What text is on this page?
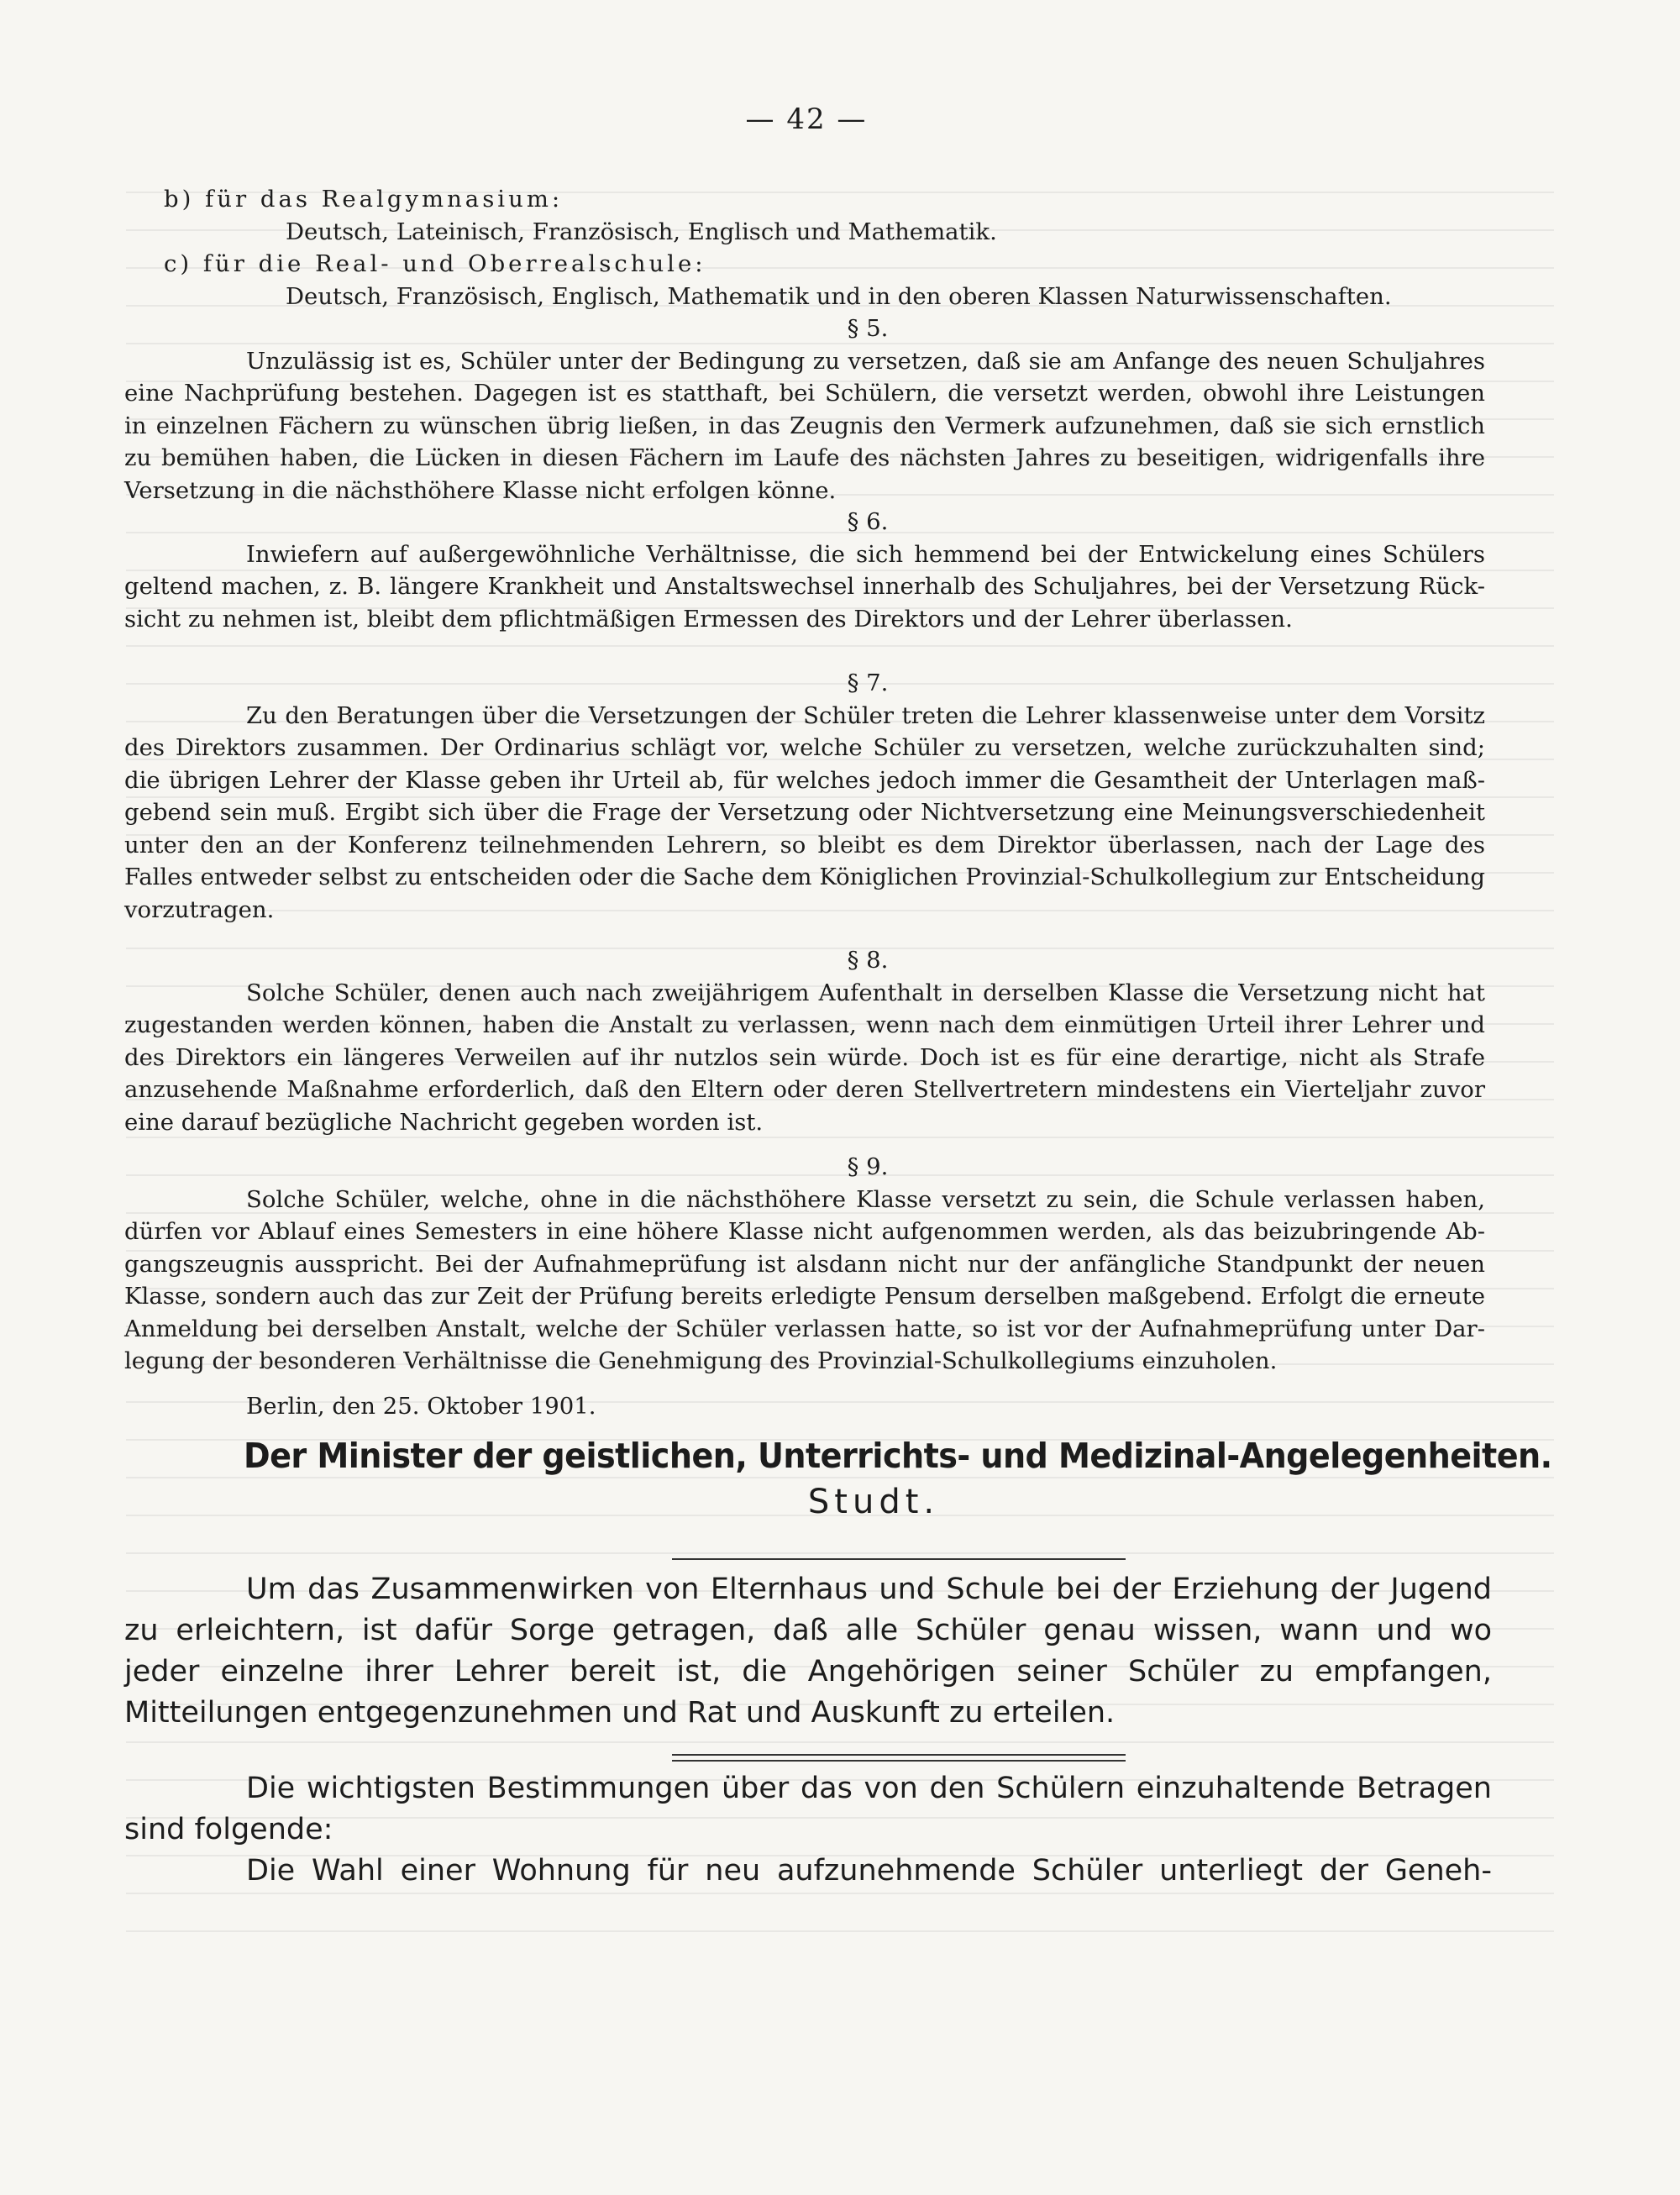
— 42 —
b) für das Realgymnasium:
Deutsch, Lateinisch, Französisch, Englisch und Mathematik.
c) für die Real- und Oberrealschule:
Deutsch, Französisch, Englisch, Mathematik und in den oberen Klassen Naturwissenschaften.
§ 5.
Unzulässig ist es, Schüler unter der Bedingung zu versetzen, daß sie am Anfange des neuen Schuljahres
eine Nachprüfung bestehen. Dagegen ist es statthaft, bei Schülern, die versetzt werden, obwohl ihre Leistungen
in einzelnen Fächern zu wünschen übrig ließen, in das Zeugnis den Vermerk aufzunehmen, daß sie sich ernstlich
zu bemühen haben, die Lücken in diesen Fächern im Laufe des nächsten Jahres zu beseitigen, widrigenfalls ihre
Versetzung in die nächsthöhere Klasse nicht erfolgen könne.
§ 6.
Inwiefern auf außergewöhnliche Verhältnisse, die sich hemmend bei der Entwickelung eines Schülers
geltend machen, z. B. längere Krankheit und Anstaltswechsel innerhalb des Schuljahres, bei der Versetzung Rück-
sicht zu nehmen ist, bleibt dem pflichtmäßigen Ermessen des Direktors und der Lehrer überlassen.
§ 7.
Zu den Beratungen über die Versetzungen der Schüler treten die Lehrer klassenweise unter dem Vorsitz
des Direktors zusammen. Der Ordinarius schlägt vor, welche Schüler zu versetzen, welche zurückzuhalten sind;
die übrigen Lehrer der Klasse geben ihr Urteil ab, für welches jedoch immer die Gesamtheit der Unterlagen maß-
gebend sein muß. Ergibt sich über die Frage der Versetzung oder Nichtversetzung eine Meinungsverschiedenheit
unter den an der Konferenz teilnehmenden Lehrern, so bleibt es dem Direktor überlassen, nach der Lage des
Falles entweder selbst zu entscheiden oder die Sache dem Königlichen Provinzial-Schulkollegium zur Entscheidung
vorzutragen.
§ 8.
Solche Schüler, denen auch nach zweijährigem Aufenthalt in derselben Klasse die Versetzung nicht hat
zugestanden werden können, haben die Anstalt zu verlassen, wenn nach dem einmütigen Urteil ihrer Lehrer und
des Direktors ein längeres Verweilen auf ihr nutzlos sein würde. Doch ist es für eine derartige, nicht als Strafe
anzusehende Maßnahme erforderlich, daß den Eltern oder deren Stellvertretern mindestens ein Vierteljahr zuvor
eine darauf bezügliche Nachricht gegeben worden ist.
§ 9.
Solche Schüler, welche, ohne in die nächsthöhere Klasse versetzt zu sein, die Schule verlassen haben,
dürfen vor Ablauf eines Semesters in eine höhere Klasse nicht aufgenommen werden, als das beizubringende Ab-
gangszeugnis ausspricht. Bei der Aufnahmeprüfung ist alsdann nicht nur der anfängliche Standpunkt der neuen
Klasse, sondern auch das zur Zeit der Prüfung bereits erledigte Pensum derselben maßgebend. Erfolgt die erneute
Anmeldung bei derselben Anstalt, welche der Schüler verlassen hatte, so ist vor der Aufnahmeprüfung unter Dar-
legung der besonderen Verhältnisse die Genehmigung des Provinzial-Schulkollegiums einzuholen.
Berlin, den 25. Oktober 1901.
Der Minister der geistlichen, Unterrichts- und Medizinal-Angelegenheiten.
Studt.
Um das Zusammenwirken von Elternhaus und Schule bei der Erziehung der Jugend
zu erleichtern, ist dafür Sorge getragen, daß alle Schüler genau wissen, wann und wo
jeder einzelne ihrer Lehrer bereit ist, die Angehörigen seiner Schüler zu empfangen,
Mitteilungen entgegenzunehmen und Rat und Auskunft zu erteilen.
Die wichtigsten Bestimmungen über das von den Schülern einzuhaltende Betragen
sind folgende:
Die Wahl einer Wohnung für neu aufzunehmende Schüler unterliegt der Geneh-
